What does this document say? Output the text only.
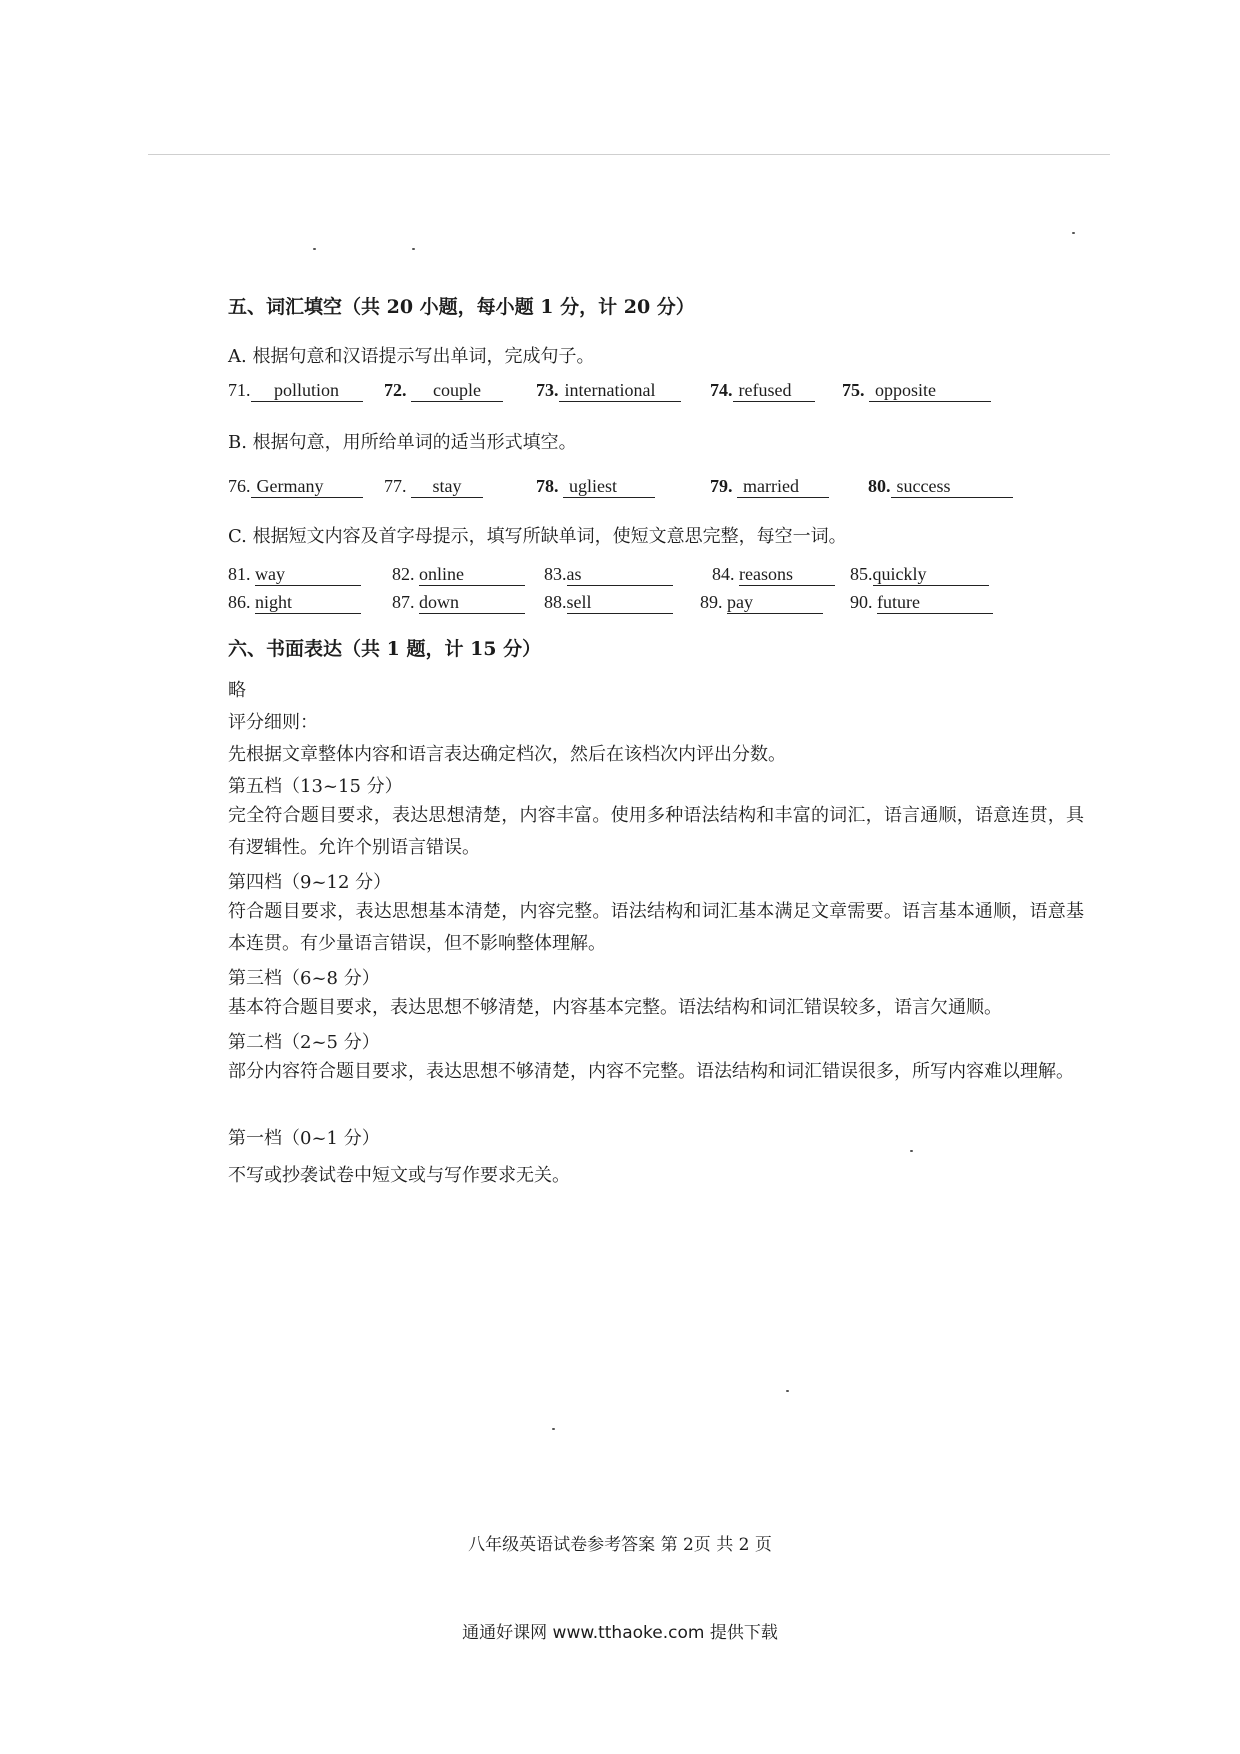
五、词汇填空（共 20 小题，每小题 1 分，计 20 分）
A. 根据句意和汉语提示写出单词，完成句子。
71. pollution	72. couple	73. international	74. refused	75. opposite
B. 根据句意，用所给单词的适当形式填空。
76. Germany	77. stay	78. ugliest	79. married	80. success
C. 根据短文内容及首字母提示，填写所缺单词，使短文意思完整，每空一词。
81. way	82. online	83.as	84. reasons	85.quickly
86. night	87. down	88.sell	89. pay	90. future
六、书面表达（共 1 题，计 15 分）
略
评分细则：
先根据文章整体内容和语言表达确定档次，然后在该档次内评出分数。
第五档（13~15 分）
完全符合题目要求，表达思想清楚，内容丰富。使用多种语法结构和丰富的词汇，语言通顺，语意连贯，具有逻辑性。允许个别语言错误。
第四档（9~12 分）
符合题目要求，表达思想基本清楚，内容完整。语法结构和词汇基本满足文章需要。语言基本通顺，语意基本连贯。有少量语言错误，但不影响整体理解。
第三档（6~8 分）
基本符合题目要求，表达思想不够清楚，内容基本完整。语法结构和词汇错误较多，语言欠通顺。
第二档（2~5 分）
部分内容符合题目要求，表达思想不够清楚，内容不完整。语法结构和词汇错误很多，所写内容难以理解。
第一档（0~1 分）
不写或抄袭试卷中短文或与写作要求无关。
八年级英语试卷参考答案 第 2页 共 2 页
通通好课网 www.tthaoke.com 提供下载
